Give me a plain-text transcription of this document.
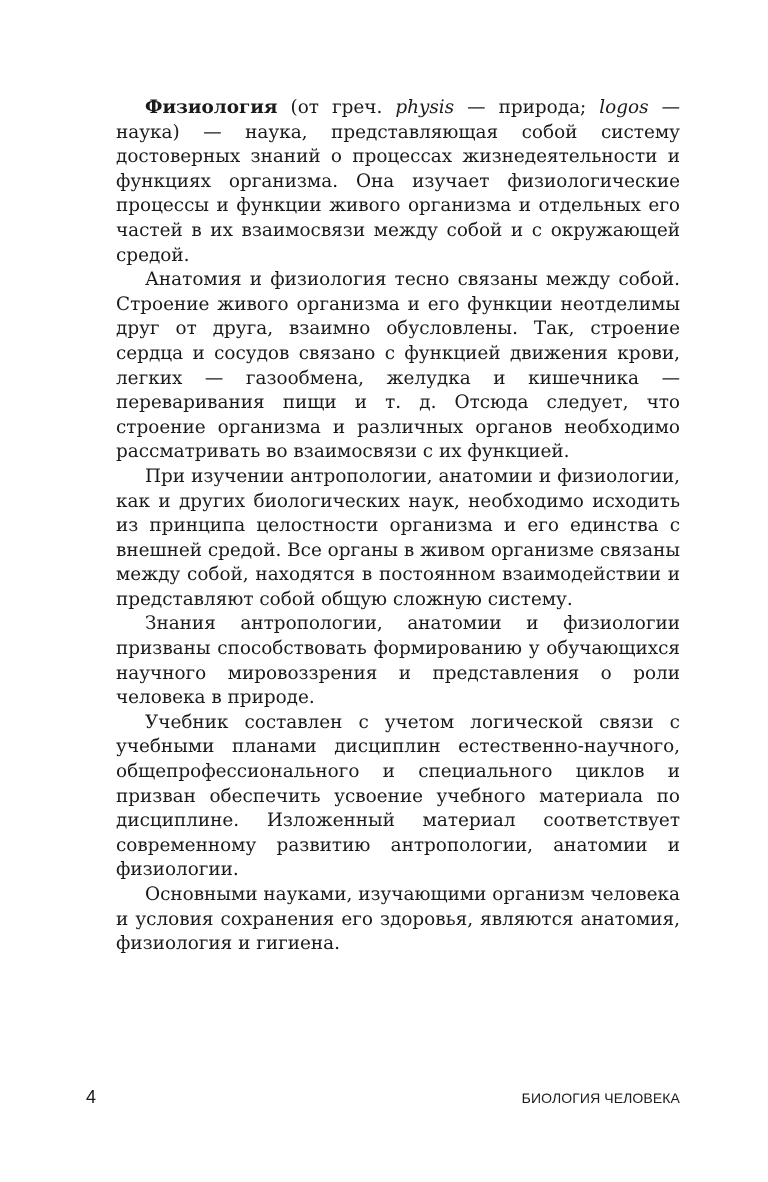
Физиология (от греч. physis — природа; logos — наука) — наука, представляющая собой систему достоверных знаний о процессах жизнедеятельности и функциях организма. Она изучает физиологические процессы и функции живого организма и отдельных его частей в их взаимосвязи между собой и с окружающей средой.

Анатомия и физиология тесно связаны между собой. Строение живого организма и его функции неотделимы друг от друга, взаимно обусловлены. Так, строение сердца и сосудов связано с функцией движения крови, легких — газообмена, желудка и кишечника — переваривания пищи и т. д. Отсюда следует, что строение организма и различных органов необходимо рассматривать во взаимосвязи с их функцией.

При изучении антропологии, анатомии и физиологии, как и других биологических наук, необходимо исходить из принципа целостности организма и его единства с внешней средой. Все органы в живом организме связаны между собой, находятся в постоянном взаимодействии и представляют собой общую сложную систему.

Знания антропологии, анатомии и физиологии призваны способствовать формированию у обучающихся научного мировоззрения и представления о роли человека в природе.

Учебник составлен с учетом логической связи с учебными планами дисциплин естественно-научного, общепрофессионального и специального циклов и призван обеспечить усвоение учебного материала по дисциплине. Изложенный материал соответствует современному развитию антропологии, анатомии и физиологии.

Основными науками, изучающими организм человека и условия сохранения его здоровья, являются анатомия, физиология и гигиена.

4	БИОЛОГИЯ ЧЕЛОВЕКА
